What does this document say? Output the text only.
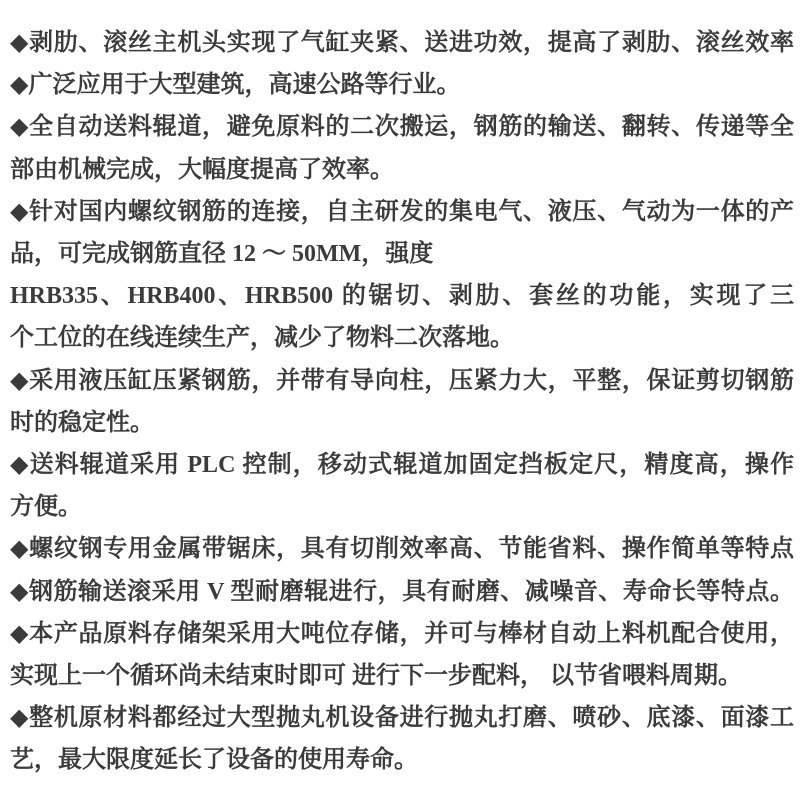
◆剥肋、滚丝主机头实现了气缸夹紧、送进功效，提高了剥肋、滚丝效率
◆广泛应用于大型建筑，高速公路等行业。
◆全自动送料辊道，避免原料的二次搬运，钢筋的输送、翻转、传递等全
部由机械完成，大幅度提高了效率。
◆针对国内螺纹钢筋的连接，自主研发的集电气、液压、气动为一体的产
品，可完成钢筋直径 12 ～ 50MM，强度
HRB335、HRB400、HRB500 的锯切、剥肋、套丝的功能，实现了三
个工位的在线连续生产，减少了物料二次落地。
◆采用液压缸压紧钢筋，并带有导向柱，压紧力大，平整，保证剪切钢筋
时的稳定性。
◆送料辊道采用 PLC 控制，移动式辊道加固定挡板定尺，精度高，操作
方便。
◆螺纹钢专用金属带锯床，具有切削效率高、节能省料、操作简单等特点
◆钢筋输送滚采用 V 型耐磨辊进行，具有耐磨、减噪音、寿命长等特点。
◆本产品原料存储架采用大吨位存储，并可与棒材自动上料机配合使用，
实现上一个循环尚未结束时即可 进行下一步配料， 以节省喂料周期。
◆整机原材料都经过大型抛丸机设备进行抛丸打磨、喷砂、底漆、面漆工
艺，最大限度延长了设备的使用寿命。
